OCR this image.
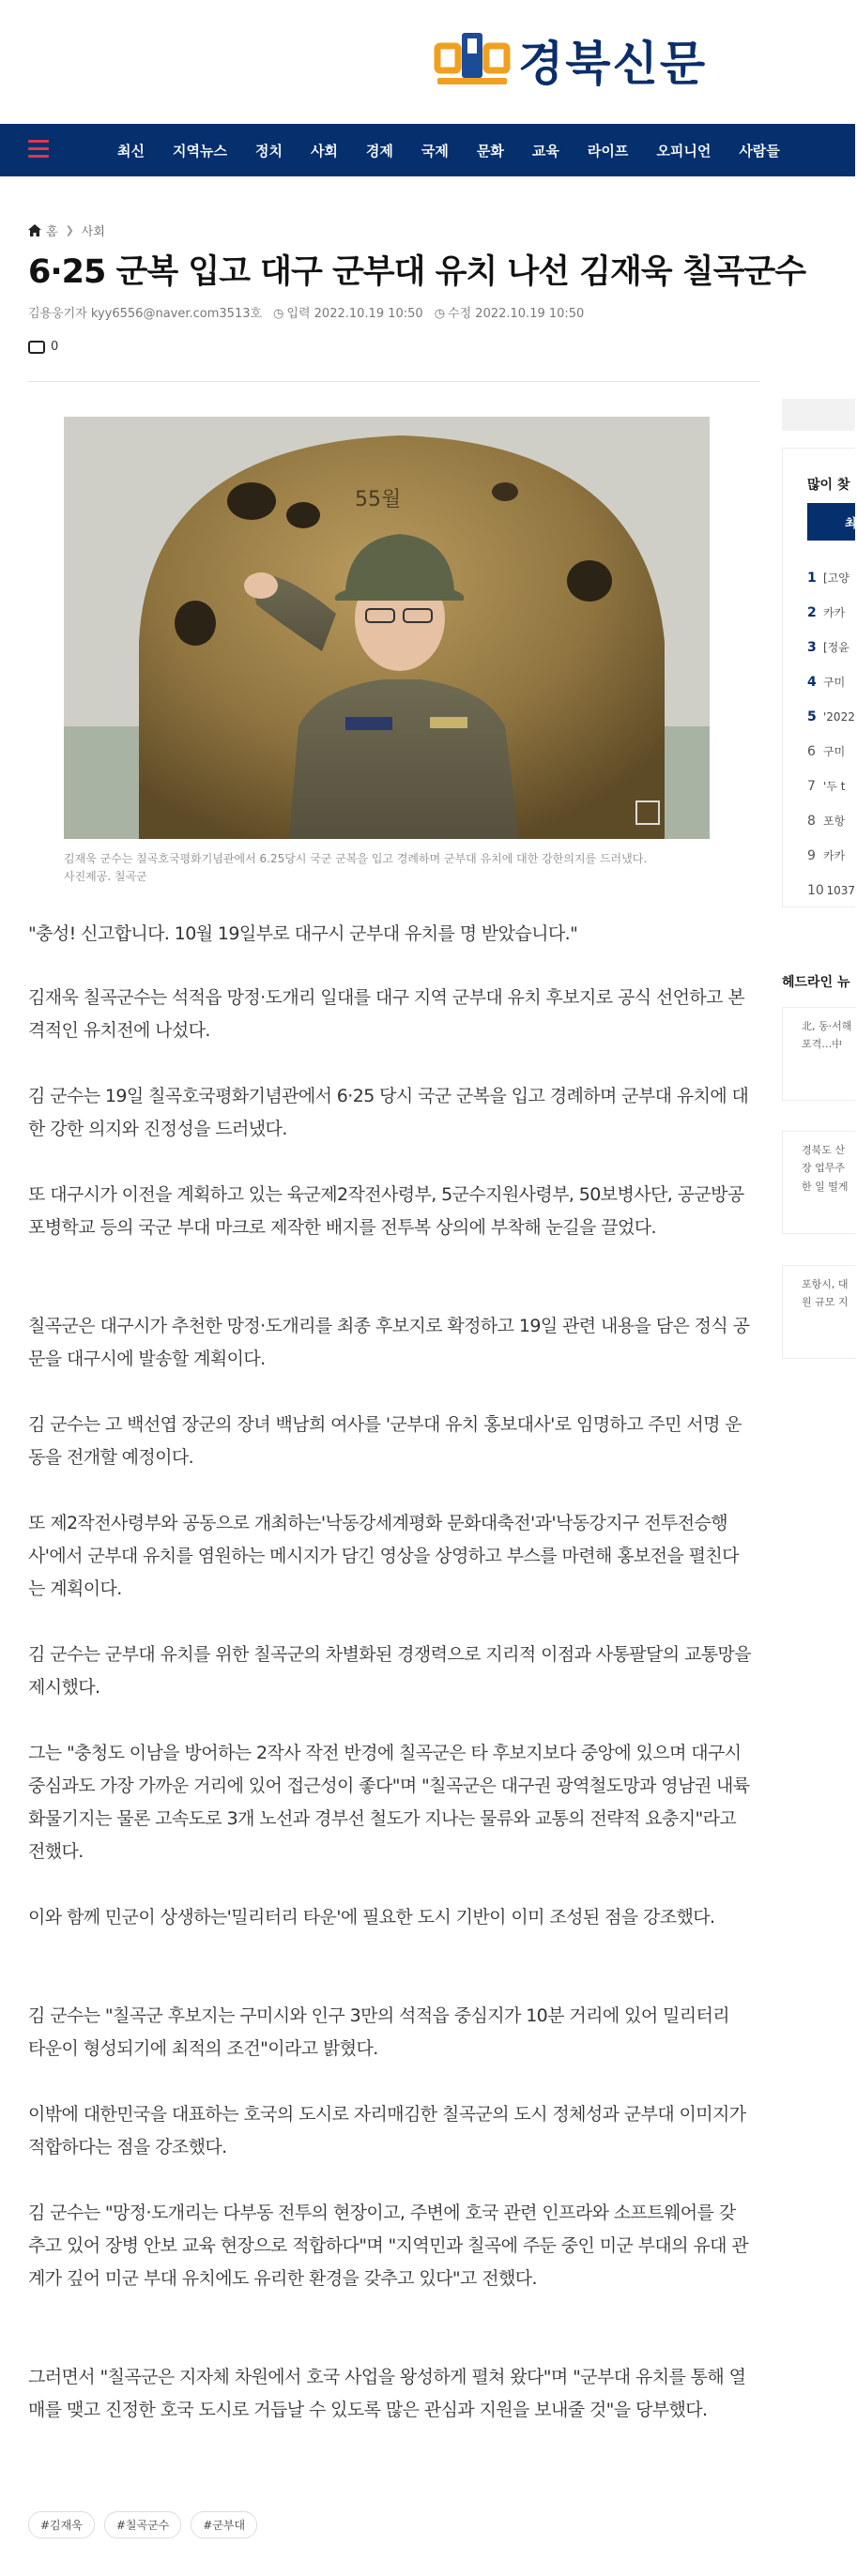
경북신문
최신 지역뉴스 정치 사회 경제 국제 문화 교육 라이프 오피니언 사람들
홈 ❯ 사회
6·25 군복 입고 대구 군부대 유치 나선 김재욱 칠곡군수
김용웅기자 kyy6556@naver.com3513호 ◷ 입력 2022.10.19 10:50 ◷ 수정 2022.10.19 10:50
0
55월
김재욱 군수는 칠곡호국평화기념관에서 6.25당시 국군 군복을 입고 경례하며 군부대 유치에 대한 강한의지를 드러냈다.
사진제공. 칠곡군

"충성! 신고합니다. 10월 19일부로 대구시 군부대 유치를 명 받았습니다."

김재욱 칠곡군수는 석적읍 망정·도개리 일대를 대구 지역 군부대 유치 후보지로 공식 선언하고 본격적인 유치전에 나섰다.

김 군수는 19일 칠곡호국평화기념관에서 6·25 당시 국군 군복을 입고 경례하며 군부대 유치에 대한 강한 의지와 진정성을 드러냈다.

또 대구시가 이전을 계획하고 있는 육군제2작전사령부, 5군수지원사령부, 50보병사단, 공군방공포병학교 등의 국군 부대 마크로 제작한 배지를 전투복 상의에 부착해 눈길을 끌었다.

칠곡군은 대구시가 추천한 망정·도개리를 최종 후보지로 확정하고 19일 관련 내용을 담은 정식 공문을 대구시에 발송할 계획이다.

김 군수는 고 백선엽 장군의 장녀 백남희 여사를 '군부대 유치 홍보대사'로 임명하고 주민 서명 운동을 전개할 예정이다.

또 제2작전사령부와 공동으로 개최하는'낙동강세계평화 문화대축전'과'낙동강지구 전투전승행사'에서 군부대 유치를 염원하는 메시지가 담긴 영상을 상영하고 부스를 마련해 홍보전을 펼친다는 계획이다.

김 군수는 군부대 유치를 위한 칠곡군의 차별화된 경쟁력으로 지리적 이점과 사통팔달의 교통망을 제시했다.

그는 "충청도 이남을 방어하는 2작사 작전 반경에 칠곡군은 타 후보지보다 중앙에 있으며 대구시 중심과도 가장 가까운 거리에 있어 접근성이 좋다"며 "칠곡군은 대구권 광역철도망과 영남권 내륙화물기지는 물론 고속도로 3개 노선과 경부선 철도가 지나는 물류와 교통의 전략적 요충지"라고 전했다.

이와 함께 민군이 상생하는'밀리터리 타운'에 필요한 도시 기반이 이미 조성된 점을 강조했다.

김 군수는 "칠곡군 후보지는 구미시와 인구 3만의 석적읍 중심지가 10분 거리에 있어 밀리터리 타운이 형성되기에 최적의 조건"이라고 밝혔다.

이밖에 대한민국을 대표하는 호국의 도시로 자리매김한 칠곡군의 도시 정체성과 군부대 이미지가 적합하다는 점을 강조했다.

김 군수는 "망정·도개리는 다부동 전투의 현장이고, 주변에 호국 관련 인프라와 소프트웨어를 갖추고 있어 장병 안보 교육 현장으로 적합하다"며 "지역민과 칠곡에 주둔 중인 미군 부대의 유대 관계가 깊어 미군 부대 유치에도 유리한 환경을 갖추고 있다"고 전했다.

그러면서 "칠곡군은 지자체 차원에서 호국 사업을 왕성하게 펼쳐 왔다"며 "군부대 유치를 통해 열매를 맺고 진정한 호국 도시로 거듭날 수 있도록 많은 관심과 지원을 보내줄 것"을 당부했다.

#김재욱	#칠곡군수	#군부대
많이 찾
최
1 [고양
2 카카
3 [정윤
4 구미
5 '2022
6 구미
7 '두 t
8 포항
9 카카
10 1037
헤드라인 뉴
北, 동·서해
포격…中
경북도 산
장 업무주
한 일 떨게
포항시, 대
원 규모 지
